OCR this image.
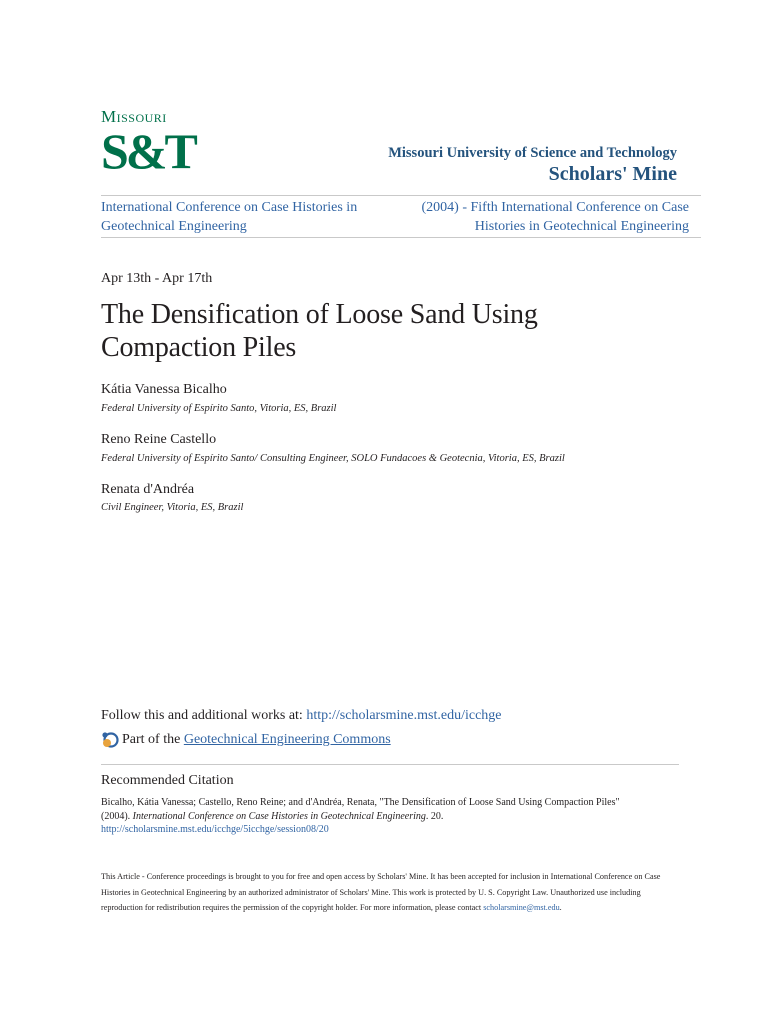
Missouri
S&T	Missouri University of Science and Technology
Scholars' Mine
International Conference on Case Histories in Geotechnical Engineering
(2004) - Fifth International Conference on Case Histories in Geotechnical Engineering
Apr 13th - Apr 17th
The Densification of Loose Sand Using Compaction Piles
Kátia Vanessa Bicalho
Federal University of Espírito Santo, Vitoria, ES, Brazil
Reno Reine Castello
Federal University of Espírito Santo/ Consulting Engineer, SOLO Fundacoes & Geotecnia, Vitoria, ES, Brazil
Renata d'Andréa
Civil Engineer, Vitoria, ES, Brazil
Follow this and additional works at: http://scholarsmine.mst.edu/icchge
Part of the
Geotechnical Engineering Commons
Recommended Citation
Bicalho, Kátia Vanessa; Castello, Reno Reine; and d'Andréa, Renata, "The Densification of Loose Sand Using Compaction Piles"
(2004). International Conference on Case Histories in Geotechnical Engineering. 20.
http://scholarsmine.mst.edu/icchge/5icchge/session08/20
This Article - Conference proceedings is brought to you for free and open access by Scholars' Mine. It has been accepted for inclusion in International Conference on Case Histories in Geotechnical Engineering by an authorized administrator of Scholars' Mine. This work is protected by U. S. Copyright Law. Unauthorized use including reproduction for redistribution requires the permission of the copyright holder. For more information, please contact scholarsmine@mst.edu.
